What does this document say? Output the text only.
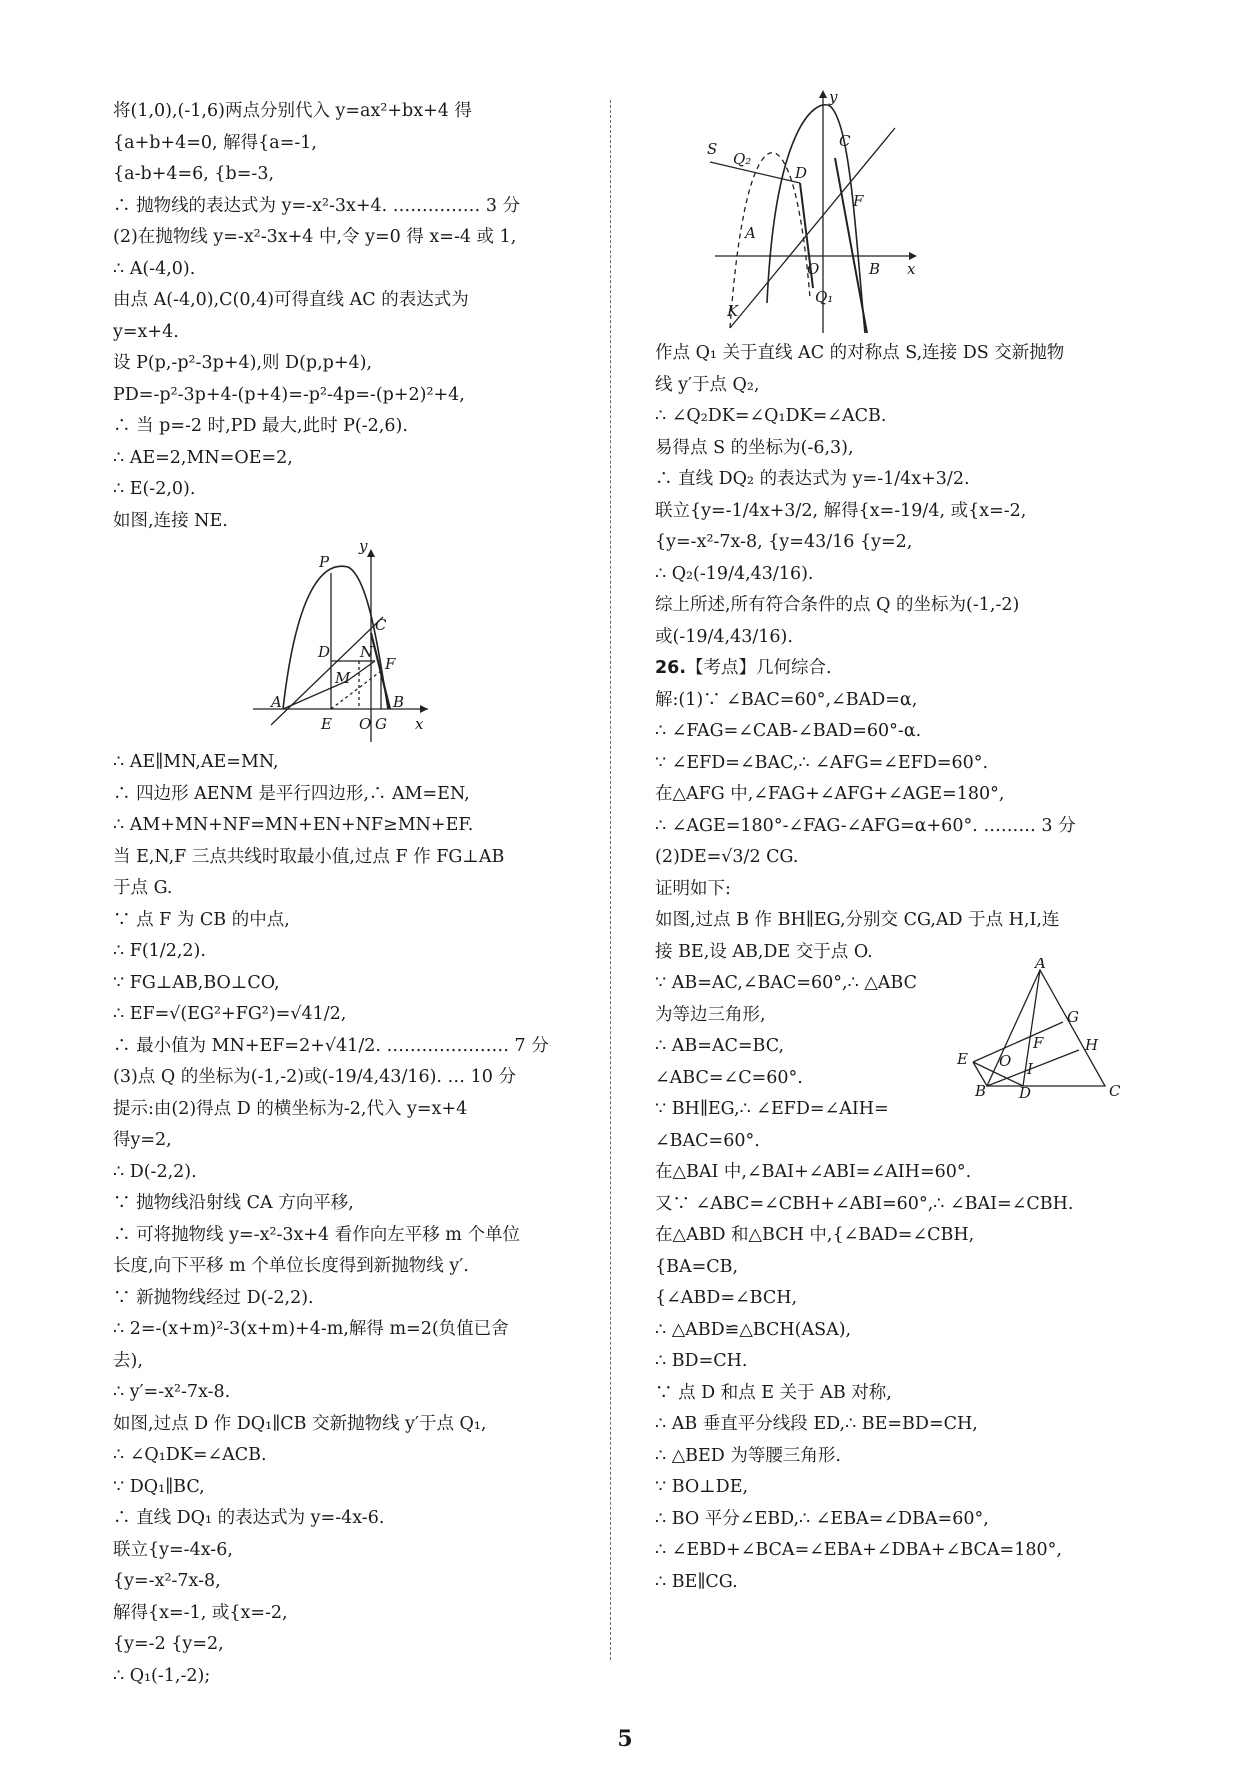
将(1,0),(-1,6)两点分别代入 y=ax²+bx+4 得
{a+b+4=0, 解得{a=-1,
{a-b+4=6, {b=-3,
∴ 抛物线的表达式为 y=-x²-3x+4. …………… 3 分
(2)在抛物线 y=-x²-3x+4 中,令 y=0 得 x=-4 或 1,
∴ A(-4,0).
由点 A(-4,0),C(0,4)可得直线 AC 的表达式为
y=x+4.
设 P(p,-p²-3p+4),则 D(p,p+4),
PD=-p²-3p+4-(p+4)=-p²-4p=-(p+2)²+4,
∴ 当 p=-2 时,PD 最大,此时 P(-2,6).
∴ AE=2,MN=OE=2,
∴ E(-2,0).
如图,连接 NE.
P
y
C
D N
F
M
A
E O G
B
x
∴ AE∥MN,AE=MN,
∴ 四边形 AENM 是平行四边形,∴ AM=EN,
∴ AM+MN+NF=MN+EN+NF≥MN+EF.
当 E,N,F 三点共线时取最小值,过点 F 作 FG⊥AB
于点 G.
∵ 点 F 为 CB 的中点,
∴ F(1/2,2).
∵ FG⊥AB,BO⊥CO,
∴ EF=√(EG²+FG²)=√41/2,
∴ 最小值为 MN+EF=2+√41/2. ………………… 7 分
(3)点 Q 的坐标为(-1,-2)或(-19/4,43/16). … 10 分
提示:由(2)得点 D 的横坐标为-2,代入 y=x+4
得y=2,
∴ D(-2,2).
∵ 抛物线沿射线 CA 方向平移,
∴ 可将抛物线 y=-x²-3x+4 看作向左平移 m 个单位
长度,向下平移 m 个单位长度得到新抛物线 y′.
∵ 新抛物线经过 D(-2,2).
∴ 2=-(x+m)²-3(x+m)+4-m,解得 m=2(负值已舍
去),
∴ y′=-x²-7x-8.
如图,过点 D 作 DQ₁∥CB 交新抛物线 y′于点 Q₁,
∴ ∠Q₁DK=∠ACB.
∵ DQ₁∥BC,
∴ 直线 DQ₁ 的表达式为 y=-4x-6.
联立{y=-4x-6,
{y=-x²-7x-8,
解得{x=-1, 或{x=-2,
{y=-2 {y=2,
∴ Q₁(-1,-2);
y
S
Q₂
C
D
F
A
O	B x
K
Q₁
作点 Q₁ 关于直线 AC 的对称点 S,连接 DS 交新抛物
线 y′于点 Q₂,
∴ ∠Q₂DK=∠Q₁DK=∠ACB.
易得点 S 的坐标为(-6,3),
∴ 直线 DQ₂ 的表达式为 y=-1/4x+3/2.
联立{y=-1/4x+3/2, 解得{x=-19/4, 或{x=-2,
{y=-x²-7x-8, {y=43/16 {y=2,
∴ Q₂(-19/4,43/16).
综上所述,所有符合条件的点 Q 的坐标为(-1,-2)
或(-19/4,43/16).
26.【考点】几何综合.
解:(1)∵ ∠BAC=60°,∠BAD=α,
∴ ∠FAG=∠CAB-∠BAD=60°-α.
∵ ∠EFD=∠BAC,∴ ∠AFG=∠EFD=60°.
在△AFG 中,∠FAG+∠AFG+∠AGE=180°,
∴ ∠AGE=180°-∠FAG-∠AFG=α+60°. ……… 3 分
(2)DE=√3/2 CG.
证明如下:
如图,过点 B 作 BH∥EG,分别交 CG,AD 于点 H,I,连
接 BE,设 AB,DE 交于点 O.
∵ AB=AC,∠BAC=60°,∴ △ABC
为等边三角形,
∴ AB=AC=BC,
∠ABC=∠C=60°.
∵ BH∥EG,∴ ∠EFD=∠AIH=
∠BAC=60°.
A
G
E
F	H
O I
B D	C
在△BAI 中,∠BAI+∠ABI=∠AIH=60°.
又∵ ∠ABC=∠CBH+∠ABI=60°,∴ ∠BAI=∠CBH.
在△ABD 和△BCH 中,{∠BAD=∠CBH,
{BA=CB,
{∠ABD=∠BCH,
∴ △ABD≌△BCH(ASA),
∴ BD=CH.
∵ 点 D 和点 E 关于 AB 对称,
∴ AB 垂直平分线段 ED,∴ BE=BD=CH,
∴ △BED 为等腰三角形.
∵ BO⊥DE,
∴ BO 平分∠EBD,∴ ∠EBA=∠DBA=60°,
∴ ∠EBD+∠BCA=∠EBA+∠DBA+∠BCA=180°,
∴ BE∥CG.
5
